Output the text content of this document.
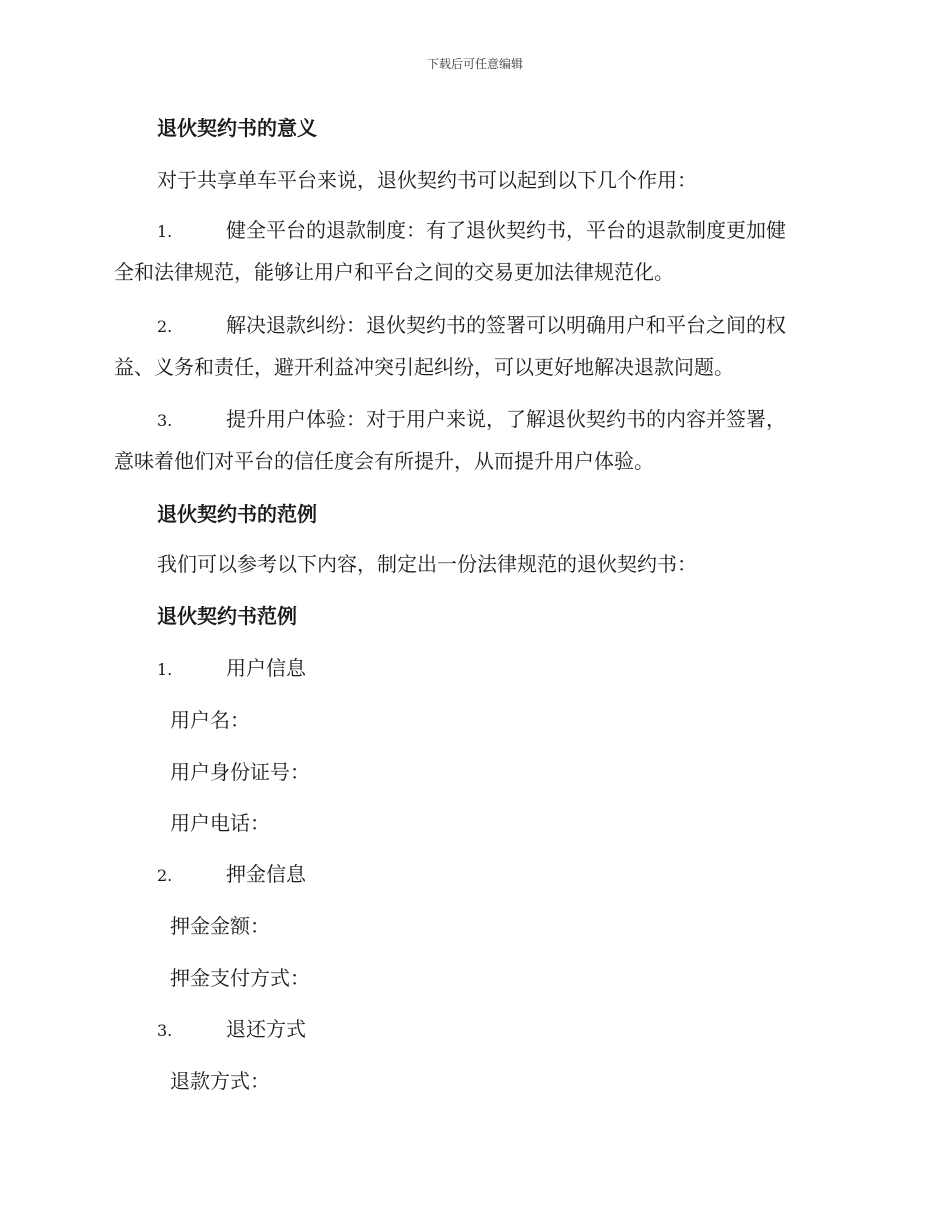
下载后可任意编辑
退伙契约书的意义
对于共享单车平台来说，退伙契约书可以起到以下几个作用：
1.	健全平台的退款制度：有了退伙契约书，平台的退款制度更加健
全和法律规范，能够让用户和平台之间的交易更加法律规范化。
2.	解决退款纠纷：退伙契约书的签署可以明确用户和平台之间的权
益、义务和责任，避开利益冲突引起纠纷，可以更好地解决退款问题。
3.	提升用户体验：对于用户来说，了解退伙契约书的内容并签署，
意味着他们对平台的信任度会有所提升，从而提升用户体验。
退伙契约书的范例
我们可以参考以下内容，制定出一份法律规范的退伙契约书：
退伙契约书范例
1.	用户信息
用户名：
用户身份证号：
用户电话：
2.	押金信息
押金金额：
押金支付方式：
3.	退还方式
退款方式：
